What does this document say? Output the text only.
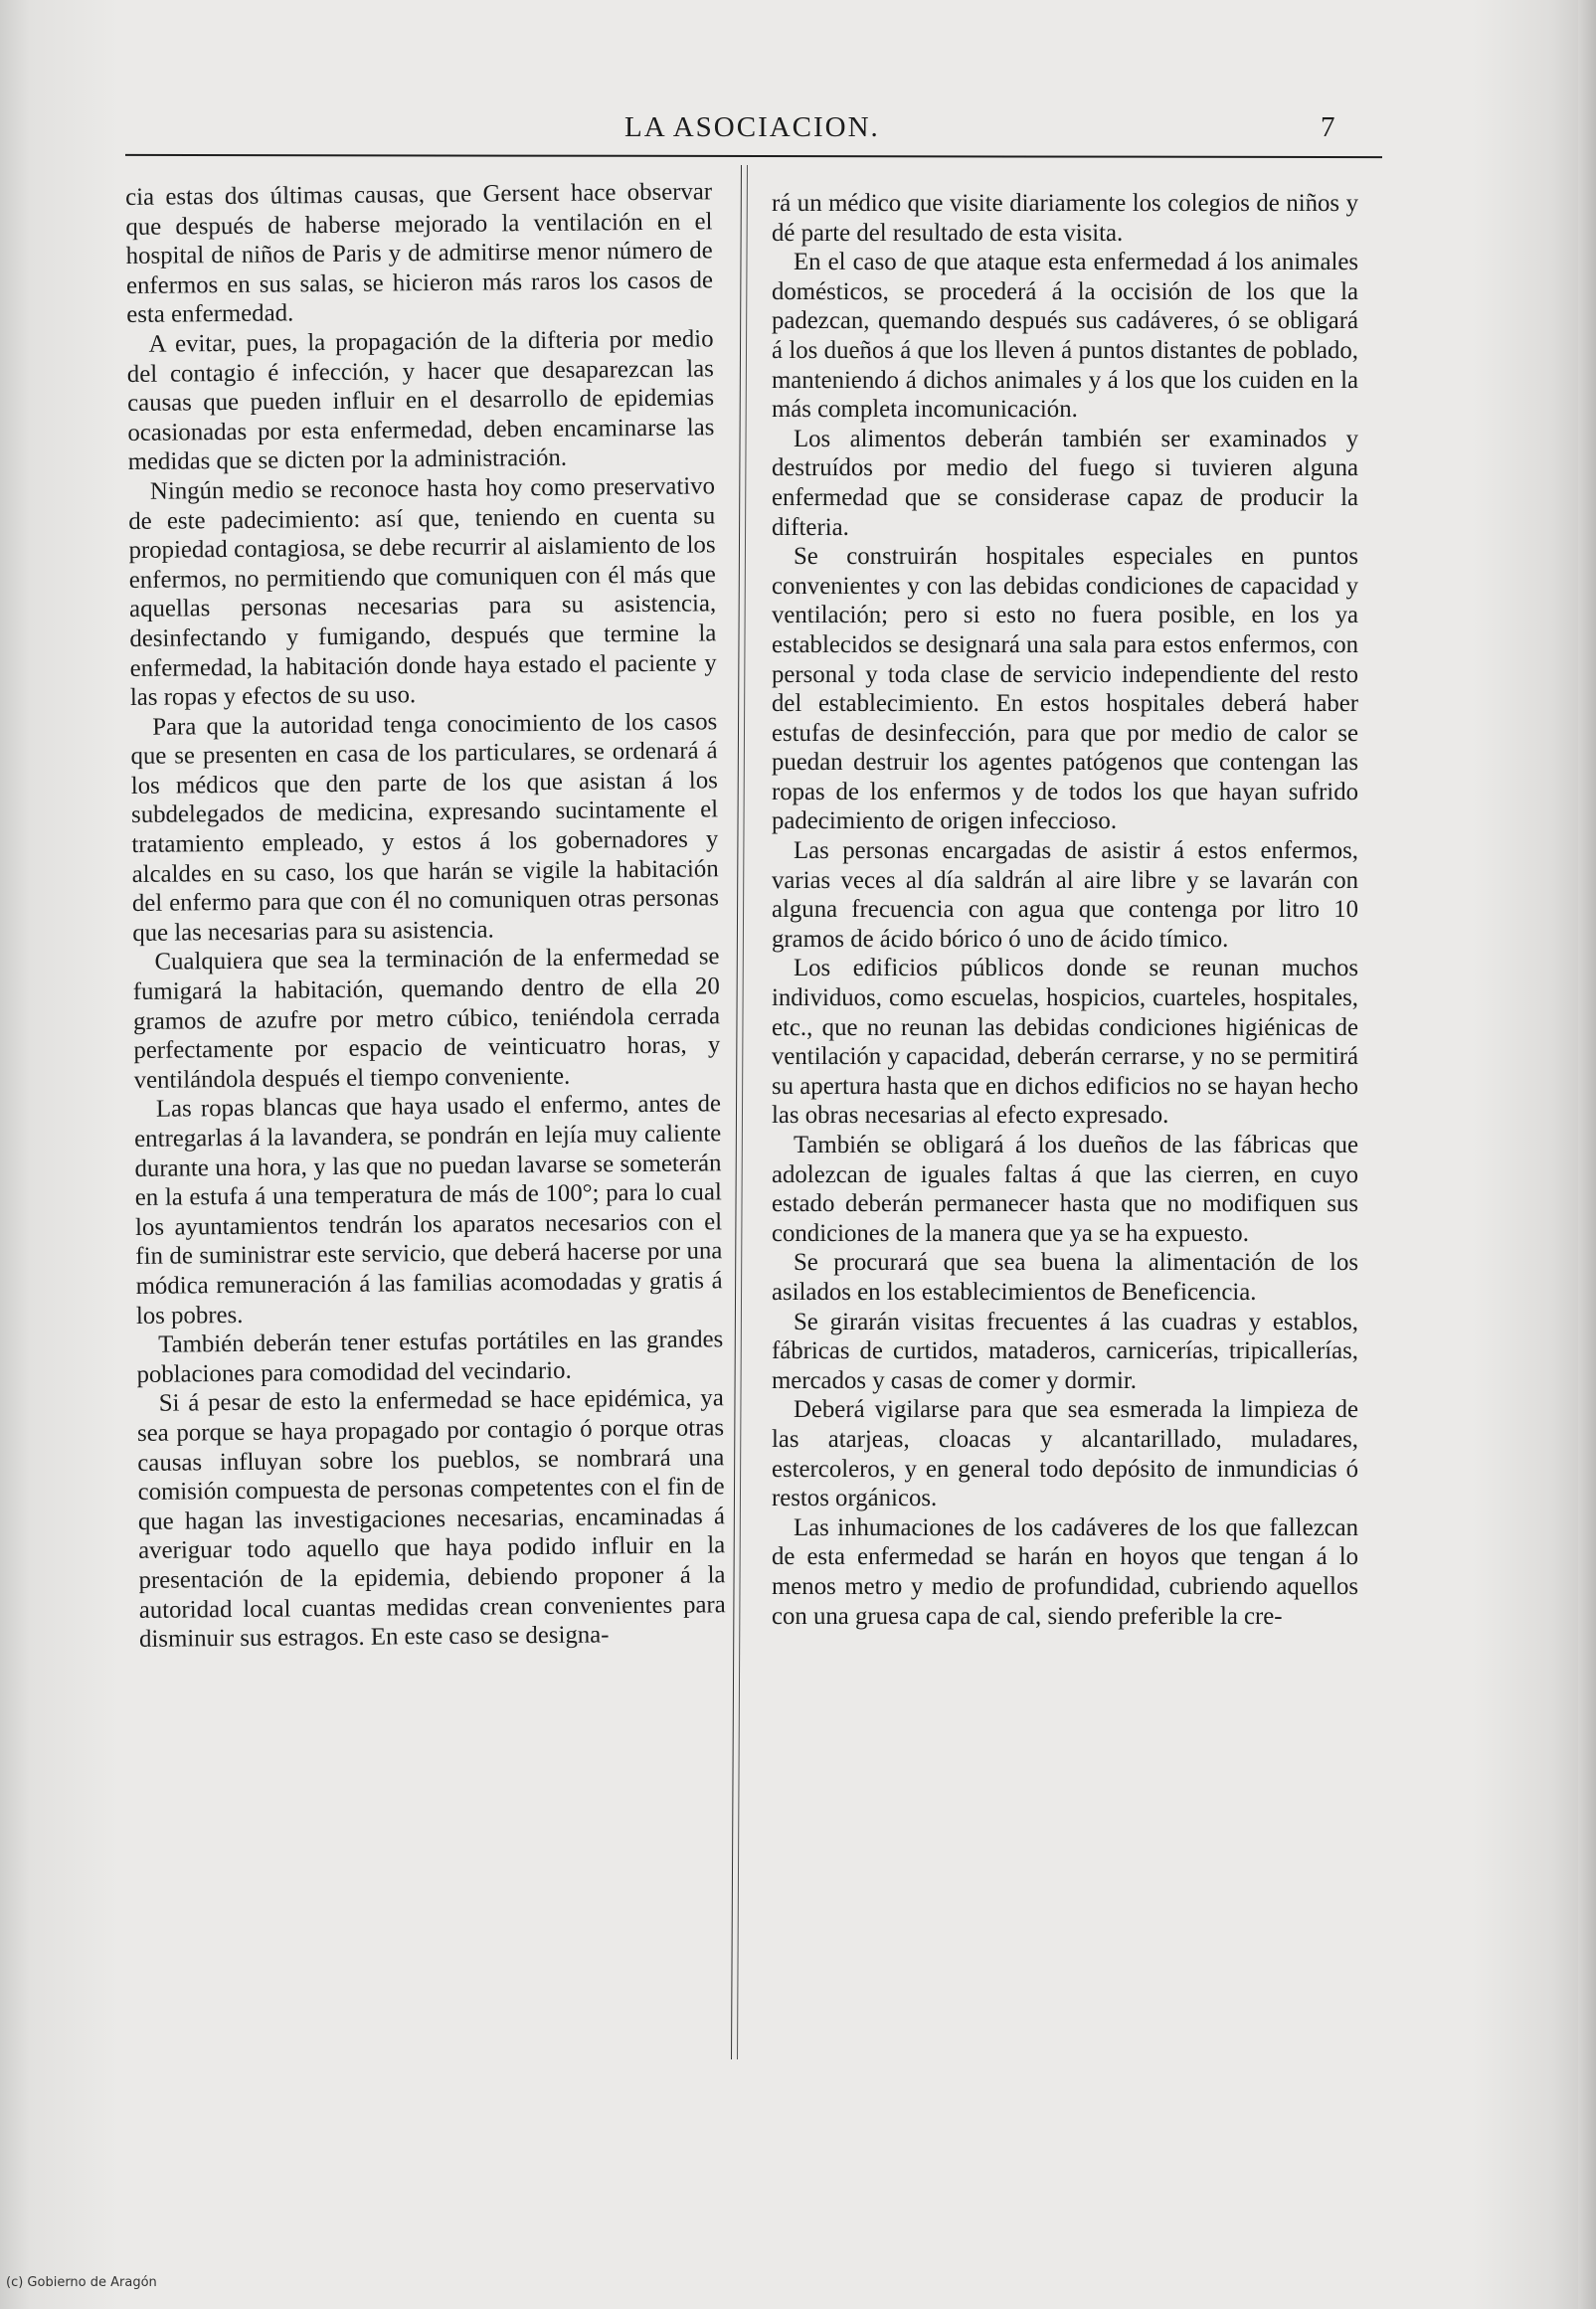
LA ASOCIACION.	7

cia estas dos últimas causas, que Gersent hace observar que después de haberse mejorado la ventilación en el hospital de niños de Paris y de admitirse menor número de enfermos en sus salas, se hicieron más raros los casos de esta enfermedad.

A evitar, pues, la propagación de la difteria por medio del contagio é infección, y hacer que desaparezcan las causas que pueden influir en el desarrollo de epidemias ocasionadas por esta enfermedad, deben encaminarse las medidas que se dicten por la administración.

Ningún medio se reconoce hasta hoy como preservativo de este padecimiento: así que, teniendo en cuenta su propiedad contagiosa, se debe recurrir al aislamiento de los enfermos, no permitiendo que comuniquen con él más que aquellas personas necesarias para su asistencia, desinfectando y fumigando, después que termine la enfermedad, la habitación donde haya estado el paciente y las ropas y efectos de su uso.

Para que la autoridad tenga conocimiento de los casos que se presenten en casa de los particulares, se ordenará á los médicos que den parte de los que asistan á los subdelegados de medicina, expresando sucintamente el tratamiento empleado, y estos á los gobernadores y alcaldes en su caso, los que harán se vigile la habitación del enfermo para que con él no comuniquen otras personas que las necesarias para su asistencia.

Cualquiera que sea la terminación de la enfermedad se fumigará la habitación, quemando dentro de ella 20 gramos de azufre por metro cúbico, teniéndola cerrada perfectamente por espacio de veinticuatro horas, y ventilándola después el tiempo conveniente.

Las ropas blancas que haya usado el enfermo, antes de entregarlas á la lavandera, se pondrán en lejía muy caliente durante una hora, y las que no puedan lavarse se someterán en la estufa á una temperatura de más de 100°; para lo cual los ayuntamientos tendrán los aparatos necesarios con el fin de suministrar este servicio, que deberá hacerse por una módica remuneración á las familias acomodadas y gratis á los pobres.

También deberán tener estufas portátiles en las grandes poblaciones para comodidad del vecindario.

Si á pesar de esto la enfermedad se hace epidémica, ya sea porque se haya propagado por contagio ó porque otras causas influyan sobre los pueblos, se nombrará una comisión compuesta de personas competentes con el fin de que hagan las investigaciones necesarias, encaminadas á averiguar todo aquello que haya podido influir en la presentación de la epidemia, debiendo proponer á la autoridad local cuantas medidas crean convenientes para disminuir sus estragos. En este caso se designa-

rá un médico que visite diariamente los colegios de niños y dé parte del resultado de esta visita.

En el caso de que ataque esta enfermedad á los animales domésticos, se procederá á la occisión de los que la padezcan, quemando después sus cadáveres, ó se obligará á los dueños á que los lleven á puntos distantes de poblado, manteniendo á dichos animales y á los que los cuiden en la más completa incomunicación.

Los alimentos deberán también ser examinados y destruídos por medio del fuego si tuvieren alguna enfermedad que se considerase capaz de producir la difteria.

Se construirán hospitales especiales en puntos convenientes y con las debidas condiciones de capacidad y ventilación; pero si esto no fuera posible, en los ya establecidos se designará una sala para estos enfermos, con personal y toda clase de servicio independiente del resto del establecimiento. En estos hospitales deberá haber estufas de desinfección, para que por medio de calor se puedan destruir los agentes patógenos que contengan las ropas de los enfermos y de todos los que hayan sufrido padecimiento de origen infeccioso.

Las personas encargadas de asistir á estos enfermos, varias veces al día saldrán al aire libre y se lavarán con alguna frecuencia con agua que contenga por litro 10 gramos de ácido bórico ó uno de ácido tímico.

Los edificios públicos donde se reunan muchos individuos, como escuelas, hospicios, cuarteles, hospitales, etc., que no reunan las debidas condiciones higiénicas de ventilación y capacidad, deberán cerrarse, y no se permitirá su apertura hasta que en dichos edificios no se hayan hecho las obras necesarias al efecto expresado.

También se obligará á los dueños de las fábricas que adolezcan de iguales faltas á que las cierren, en cuyo estado deberán permanecer hasta que no modifiquen sus condiciones de la manera que ya se ha expuesto.

Se procurará que sea buena la alimentación de los asilados en los establecimientos de Beneficencia.

Se girarán visitas frecuentes á las cuadras y establos, fábricas de curtidos, mataderos, carnicerías, tripicallerías, mercados y casas de comer y dormir.

Deberá vigilarse para que sea esmerada la limpieza de las atarjeas, cloacas y alcantarillado, muladares, estercoleros, y en general todo depósito de inmundicias ó restos orgánicos.

Las inhumaciones de los cadáveres de los que fallezcan de esta enfermedad se harán en hoyos que tengan á lo menos metro y medio de profundidad, cubriendo aquellos con una gruesa capa de cal, siendo preferible la cre-

(c) Gobierno de Aragón
